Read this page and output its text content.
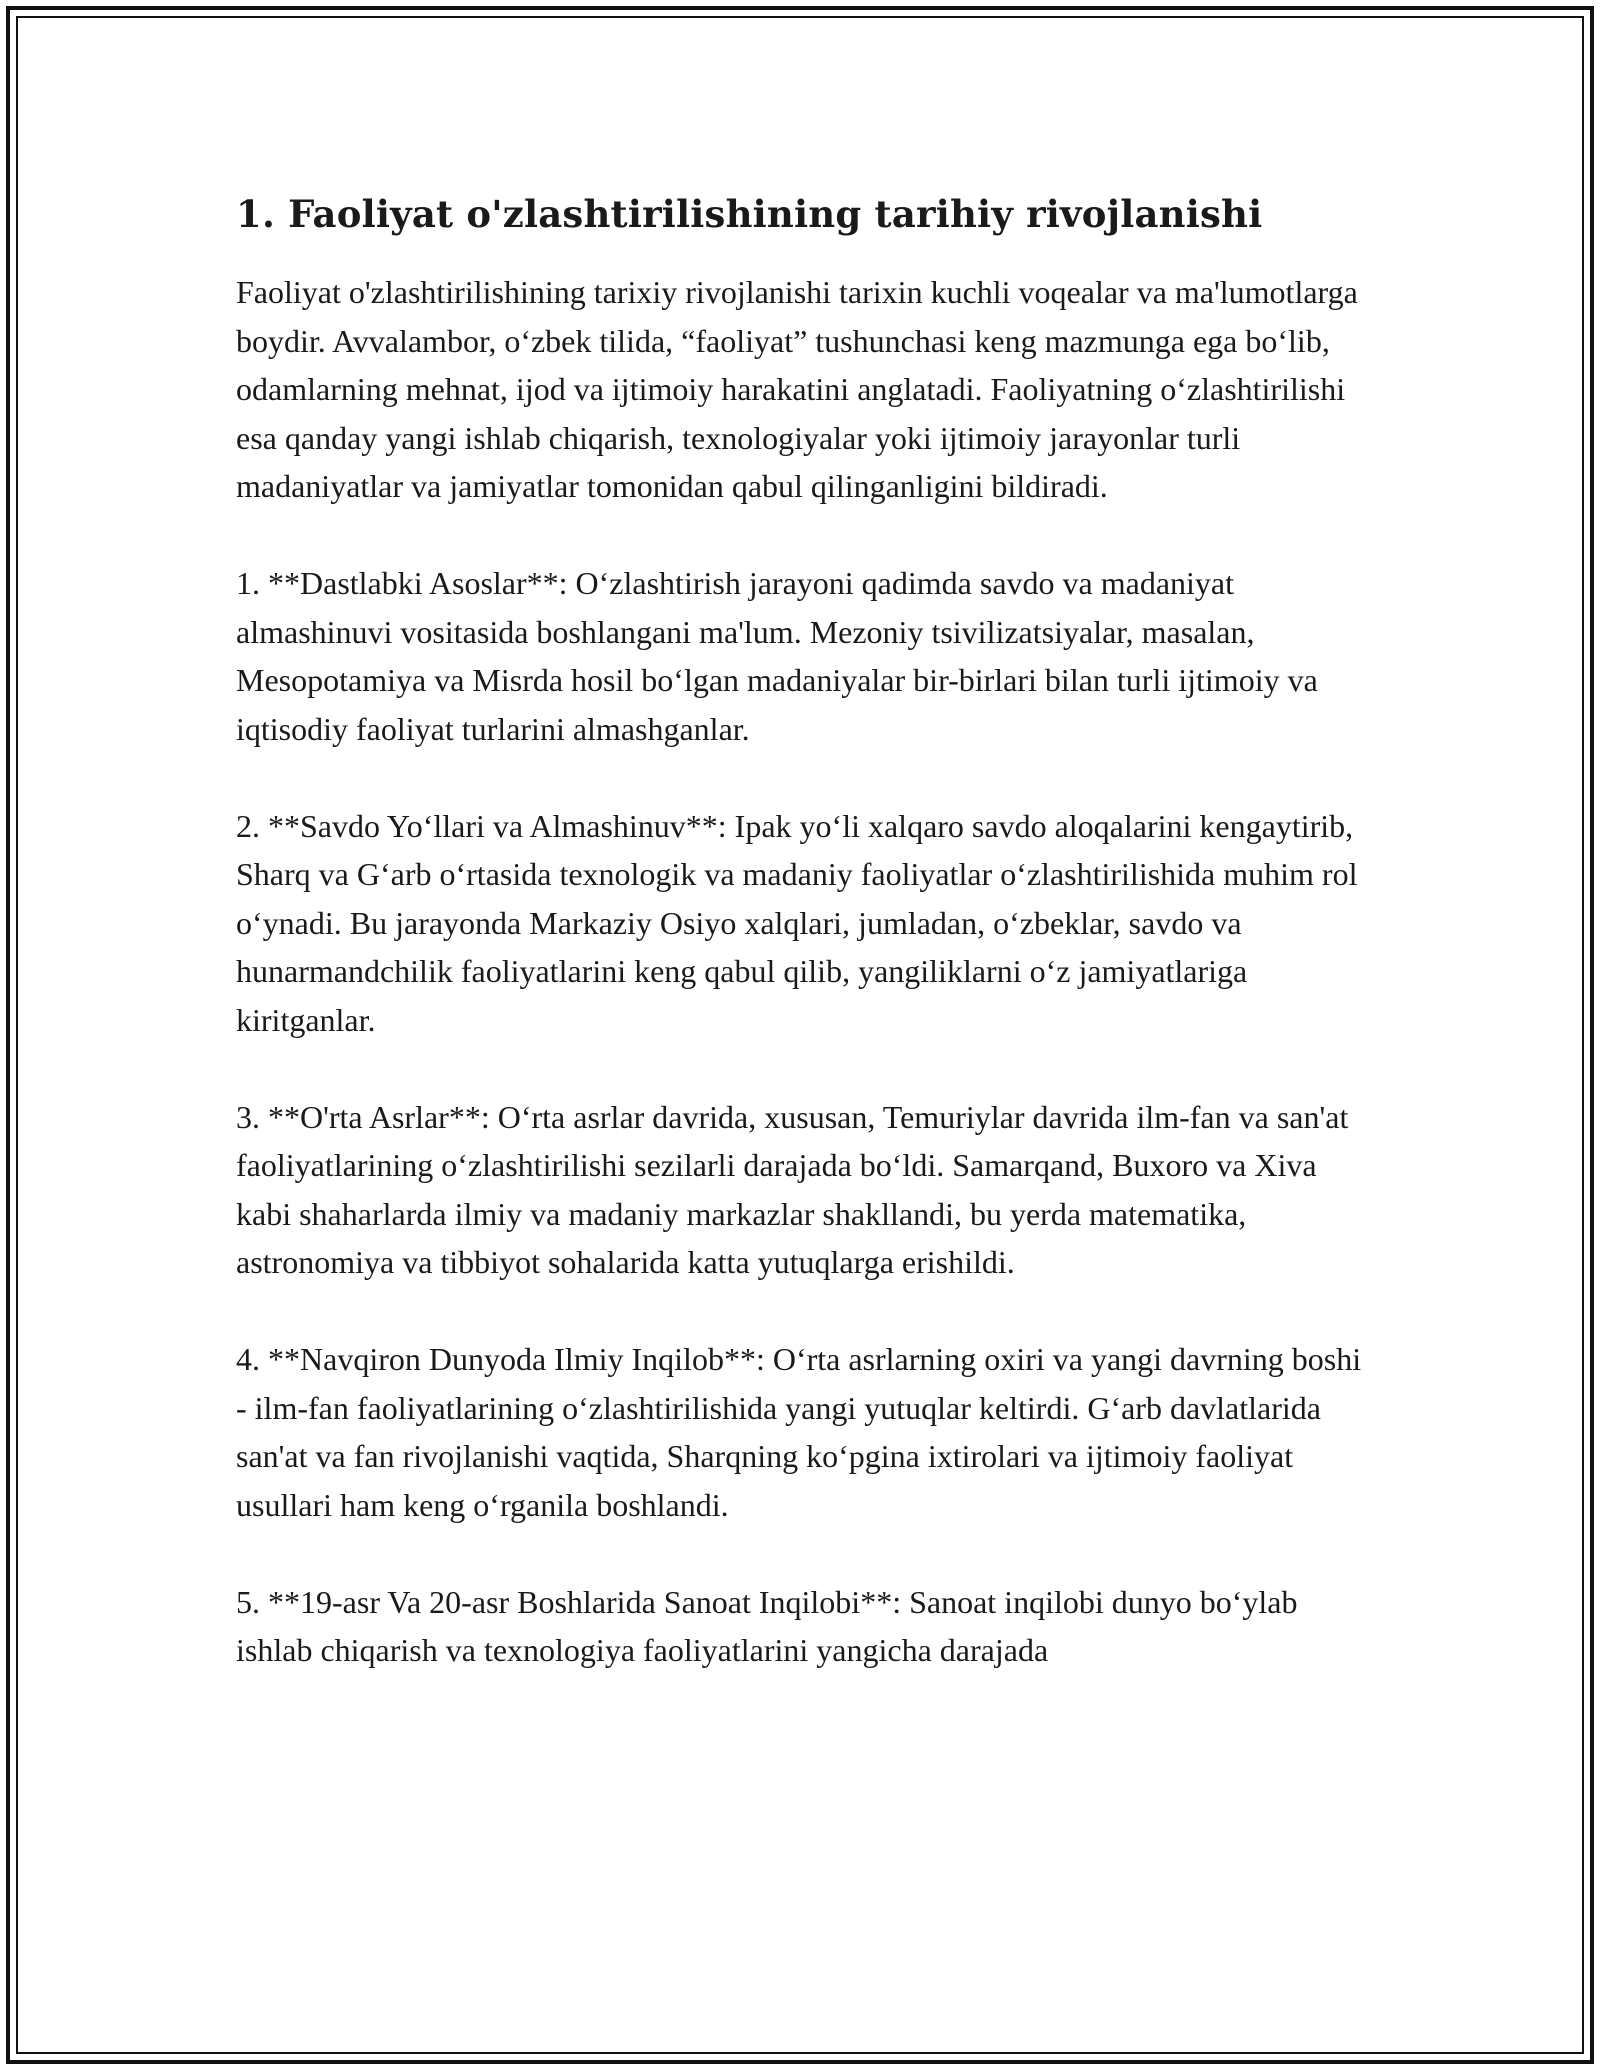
1. Faoliyat o'zlashtirilishining tarihiy rivojlanishi

Faoliyat o'zlashtirilishining tarixiy rivojlanishi tarixin kuchli voqealar va ma'lumotlarga boydir. Avvalambor, o‘zbek tilida, “faoliyat” tushunchasi keng mazmunga ega bo‘lib, odamlarning mehnat, ijod va ijtimoiy harakatini anglatadi. Faoliyatning o‘zlashtirilishi esa qanday yangi ishlab chiqarish, texnologiyalar yoki ijtimoiy jarayonlar turli madaniyatlar va jamiyatlar tomonidan qabul qilinganligini bildiradi.

1. **Dastlabki Asoslar**: O‘zlashtirish jarayoni qadimda savdo va madaniyat almashinuvi vositasida boshlangani ma'lum. Mezoniy tsivilizatsiyalar, masalan, Mesopotamiya va Misrda hosil bo‘lgan madaniyalar bir-birlari bilan turli ijtimoiy va iqtisodiy faoliyat turlarini almashganlar.

2. **Savdo Yo‘llari va Almashinuv**: Ipak yo‘li xalqaro savdo aloqalarini kengaytirib, Sharq va G‘arb o‘rtasida texnologik va madaniy faoliyatlar o‘zlashtirilishida muhim rol o‘ynadi. Bu jarayonda Markaziy Osiyo xalqlari, jumladan, o‘zbeklar, savdo va hunarmandchilik faoliyatlarini keng qabul qilib, yangiliklarni o‘z jamiyatlariga kiritganlar.

3. **O'rta Asrlar**: O‘rta asrlar davrida, xususan, Temuriylar davrida ilm-fan va san'at faoliyatlarining o‘zlashtirilishi sezilarli darajada bo‘ldi. Samarqand, Buxoro va Xiva kabi shaharlarda ilmiy va madaniy markazlar shakllandi, bu yerda matematika, astronomiya va tibbiyot sohalarida katta yutuqlarga erishildi.

4. **Navqiron Dunyoda Ilmiy Inqilob**: O‘rta asrlarning oxiri va yangi davrning boshi - ilm-fan faoliyatlarining o‘zlashtirilishida yangi yutuqlar keltirdi. G‘arb davlatlarida san'at va fan rivojlanishi vaqtida, Sharqning ko‘pgina ixtirolari va ijtimoiy faoliyat usullari ham keng o‘rganila boshlandi.

5. **19-asr Va 20-asr Boshlarida Sanoat Inqilobi**: Sanoat inqilobi dunyo bo‘ylab ishlab chiqarish va texnologiya faoliyatlarini yangicha darajada
